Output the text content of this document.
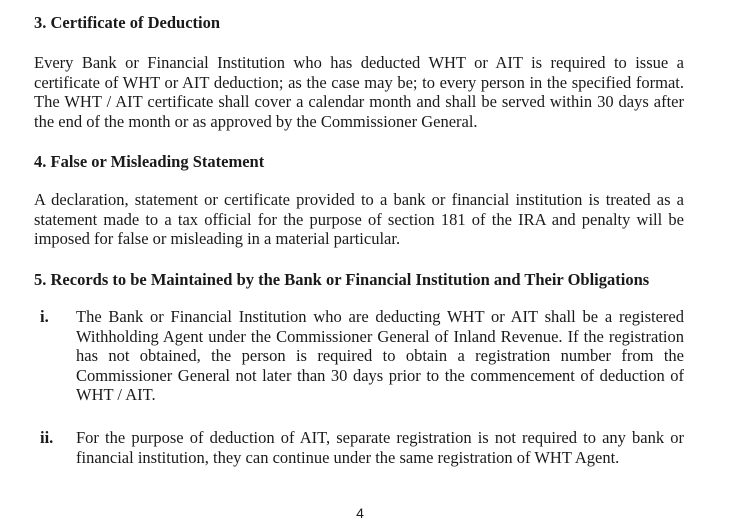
3. Certificate of Deduction
Every Bank or Financial Institution who has deducted WHT or AIT is required to issue a certificate of WHT or AIT deduction; as the case may be; to every person in the specified format. The WHT / AIT certificate shall cover a calendar month and shall be served within 30 days after the end of the month or as approved by the Commissioner General.
4. False or Misleading Statement
A declaration, statement or certificate provided to a bank or financial institution is treated as a statement made to a tax official for the purpose of section 181 of the IRA and penalty will be imposed for false or misleading in a material particular.
5. Records to be Maintained by the Bank or Financial Institution and Their Obligations
i. The Bank or Financial Institution who are deducting WHT or AIT shall be a registered Withholding Agent under the Commissioner General of Inland Revenue. If the registration has not obtained, the person is required to obtain a registration number from the Commissioner General not later than 30 days prior to the commencement of deduction of WHT / AIT.
ii. For the purpose of deduction of AIT, separate registration is not required to any bank or financial institution, they can continue under the same registration of WHT Agent.
4
